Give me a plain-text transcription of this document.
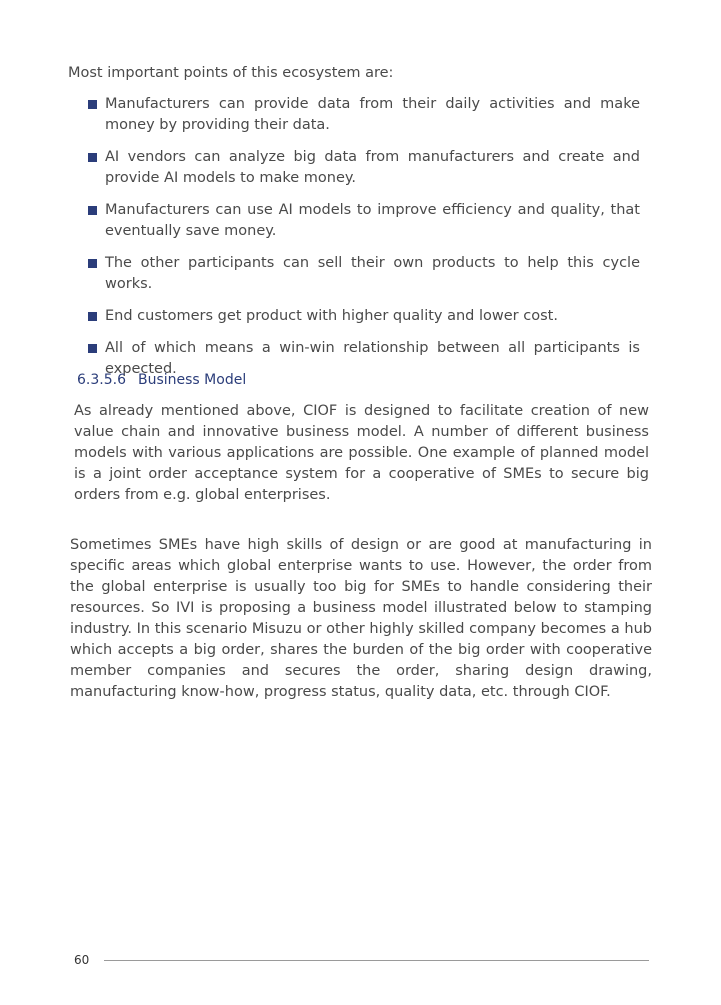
Most important points of this ecosystem are:

Manufacturers can provide data from their daily activities and make money by providing their data.
AI vendors can analyze big data from manufacturers and create and provide AI models to make money.
Manufacturers can use AI models to improve efficiency and quality, that eventually save money.
The other participants can sell their own products to help this cycle works.
End customers get product with higher quality and lower cost.
All of which means a win-win relationship between all participants is expected.
6.3.5.6 Business Model

As already mentioned above, CIOF is designed to facilitate creation of new value chain and innovative business model. A number of different business models with various applications are possible. One example of planned model is a joint order acceptance system for a cooperative of SMEs to secure big orders from e.g. global enterprises.

Sometimes SMEs have high skills of design or are good at manufacturing in specific areas which global enterprise wants to use. However, the order from the global enterprise is usually too big for SMEs to handle considering their resources. So IVI is proposing a business model illustrated below to stamping industry. In this scenario Misuzu or other highly skilled company becomes a hub which accepts a big order, shares the burden of the big order with cooperative member companies and secures the order, sharing design drawing, manufacturing know-how, progress status, quality data, etc. through CIOF.

60
